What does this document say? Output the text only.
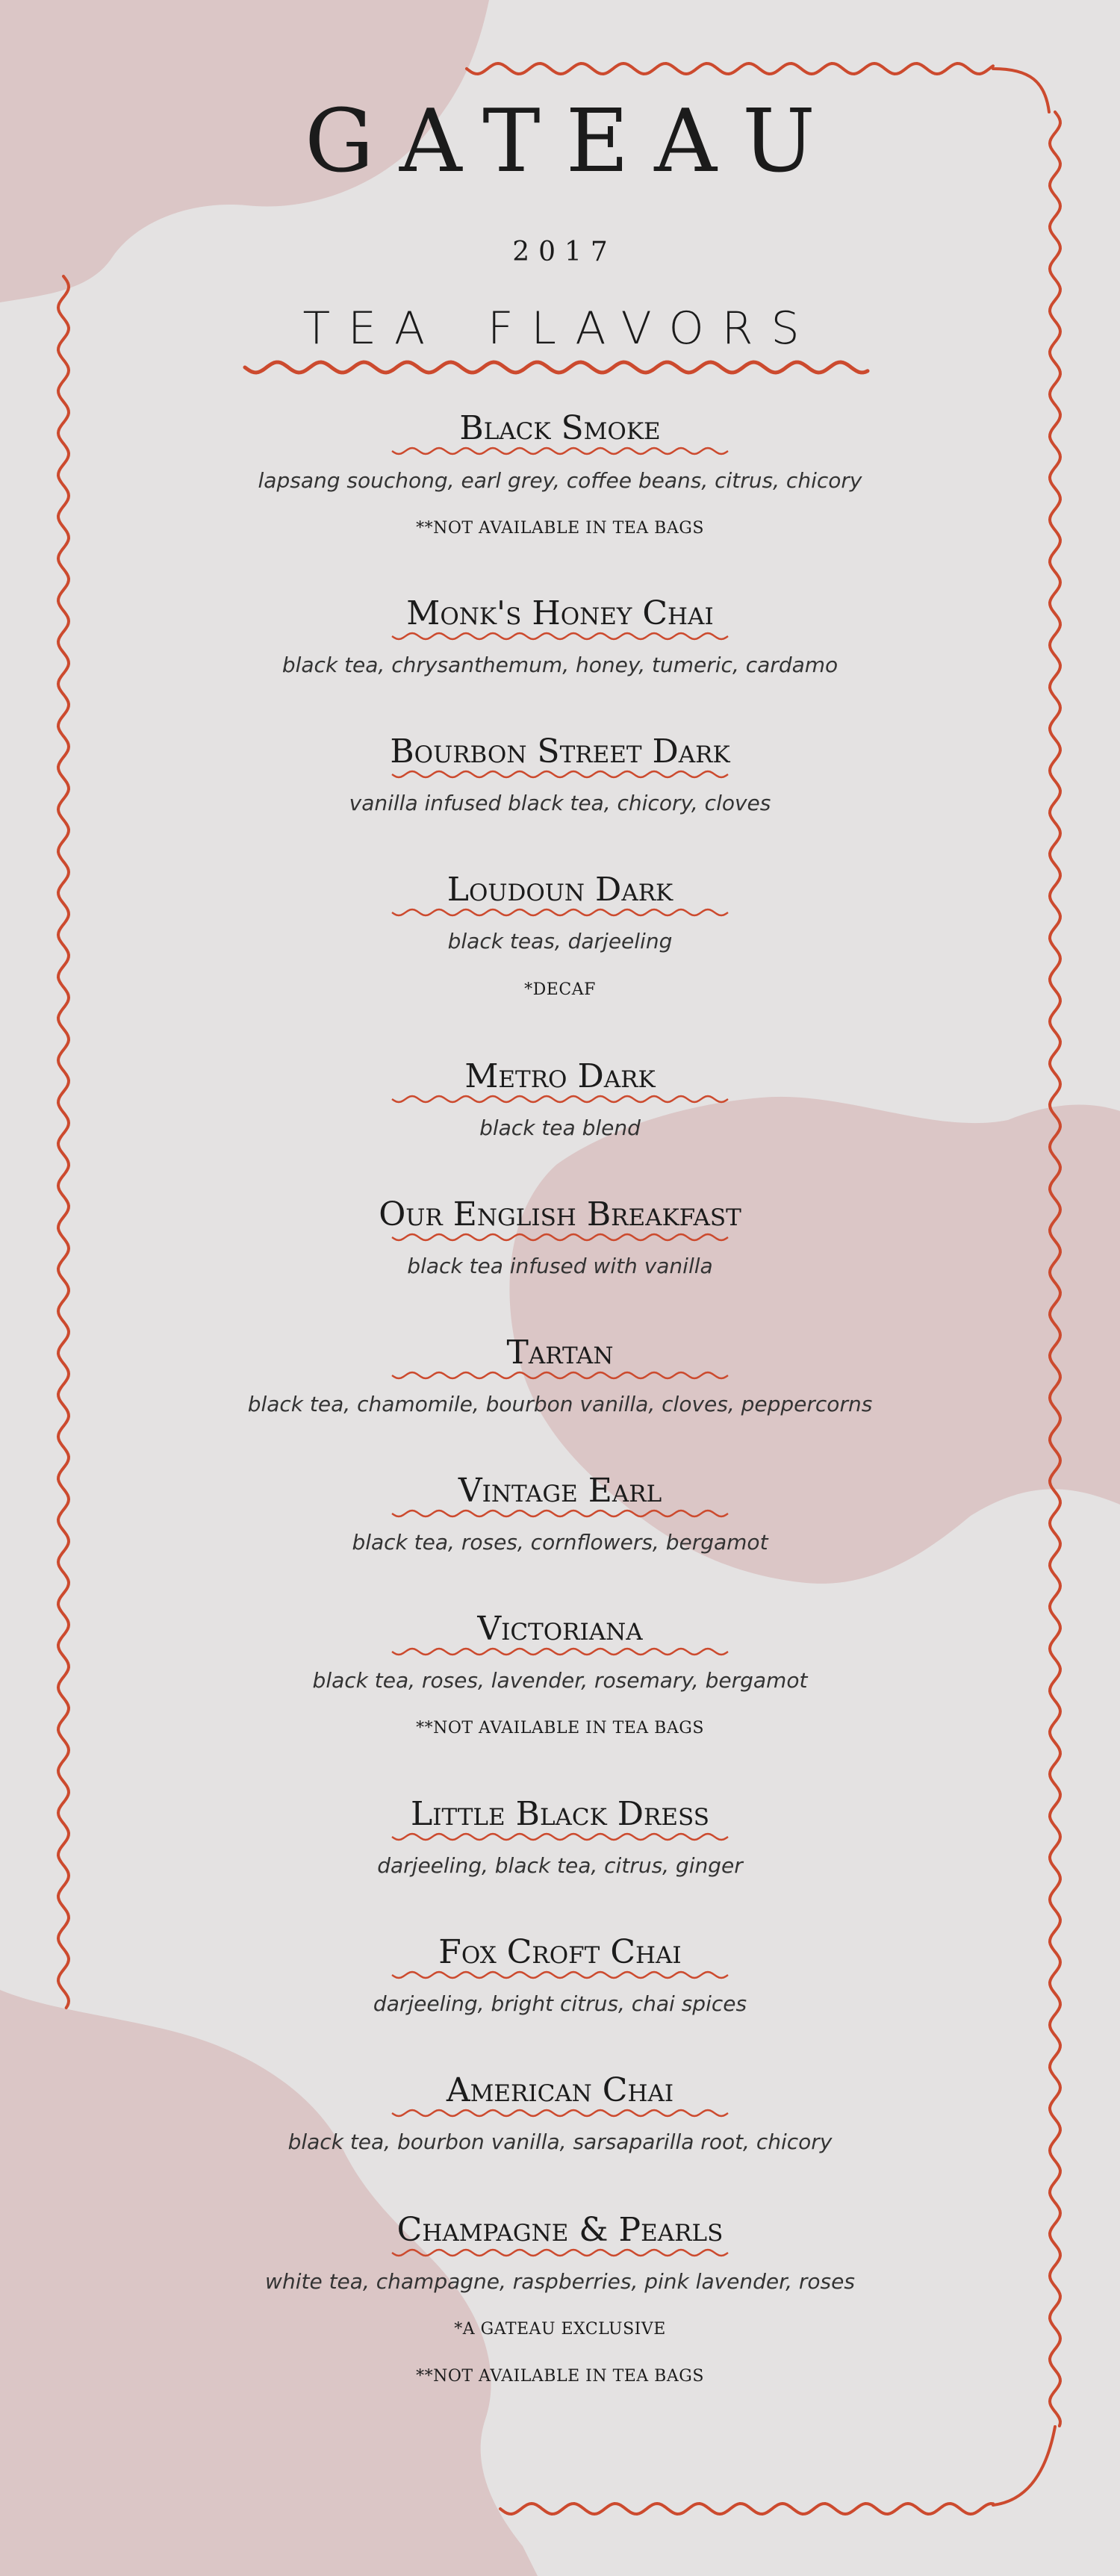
GATEAU
2017
TEA FLAVORS
Black Smoke
lapsang souchong, earl grey, coffee beans, citrus, chicory
**NOT AVAILABLE IN TEA BAGS
Monk's Honey Chai
black tea, chrysanthemum, honey, tumeric, cardamo
Bourbon Street Dark
vanilla infused black tea, chicory, cloves
Loudoun Dark
black teas, darjeeling
*DECAF
Metro Dark
black tea blend
Our English Breakfast
black tea infused with vanilla
Tartan
black tea, chamomile, bourbon vanilla, cloves, peppercorns
Vintage Earl
black tea, roses, cornflowers, bergamot
Victoriana
black tea, roses, lavender, rosemary, bergamot
**NOT AVAILABLE IN TEA BAGS
Little Black Dress
darjeeling, black tea, citrus, ginger
Fox Croft Chai
darjeeling, bright citrus, chai spices
American Chai
black tea, bourbon vanilla, sarsaparilla root, chicory
Champagne & Pearls
white tea, champagne, raspberries, pink lavender, roses
*A GATEAU EXCLUSIVE
**NOT AVAILABLE IN TEA BAGS
